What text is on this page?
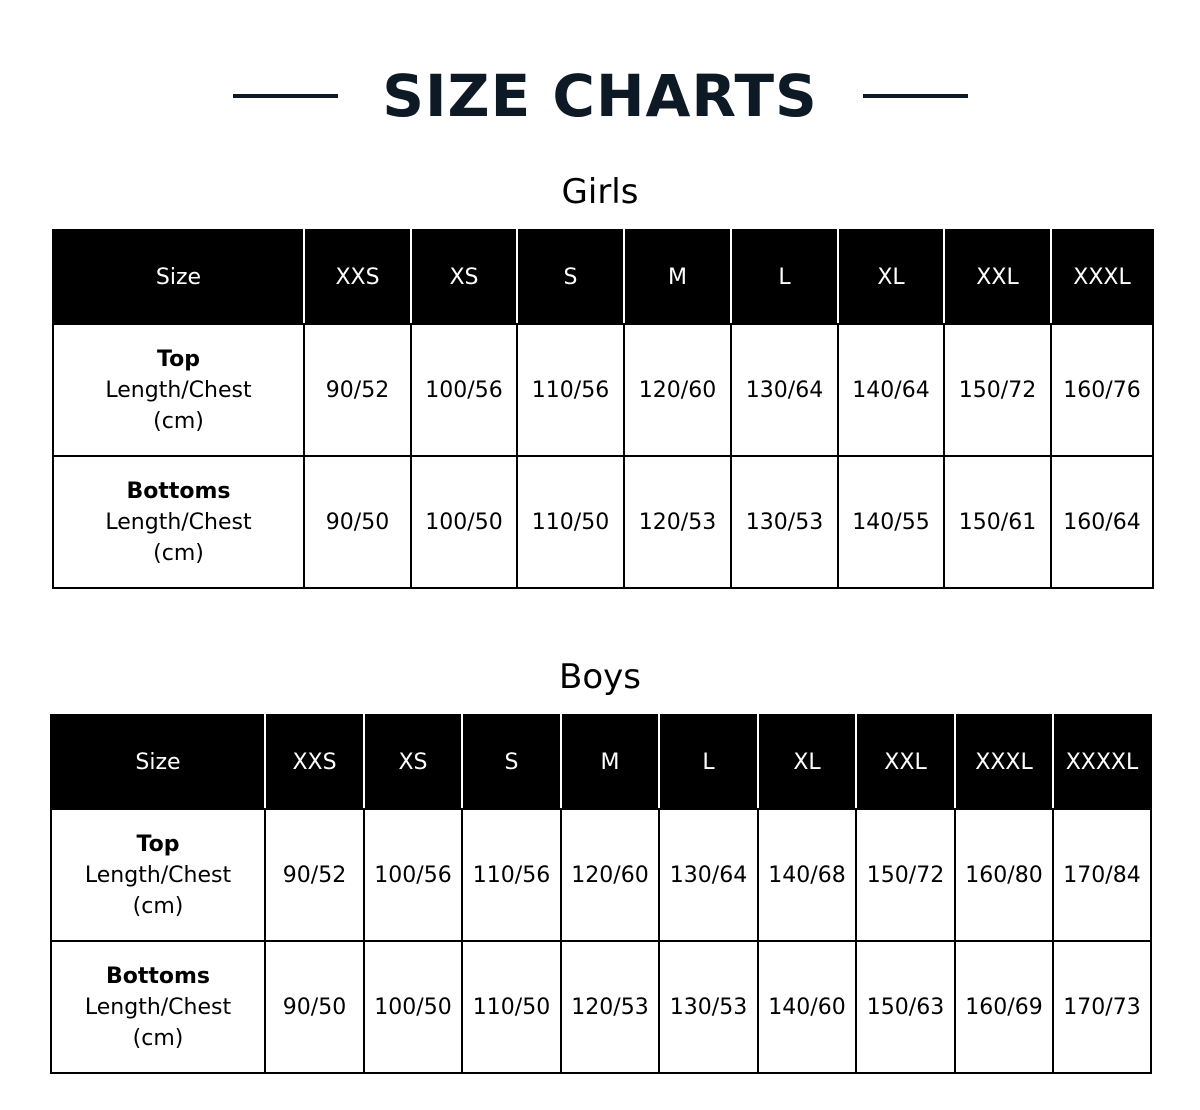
SIZE CHARTS
Girls
Size	XXS	XS	S	M	L	XL	XXL	XXXL

Top
Length/Chest
(cm)	90/52	100/56	110/56	120/60	130/64	140/64	150/72	160/76

Bottoms
Length/Chest
(cm)	90/50	100/50	110/50	120/53	130/53	140/55	150/61	160/64
Boys
Size	XXS	XS	S	M	L	XL	XXL	XXXL	XXXXL

Top
Length/Chest
(cm)	90/52	100/56	110/56	120/60	130/64	140/68	150/72	160/80	170/84

Bottoms
Length/Chest
(cm)	90/50	100/50	110/50	120/53	130/53	140/60	150/63	160/69	170/73
